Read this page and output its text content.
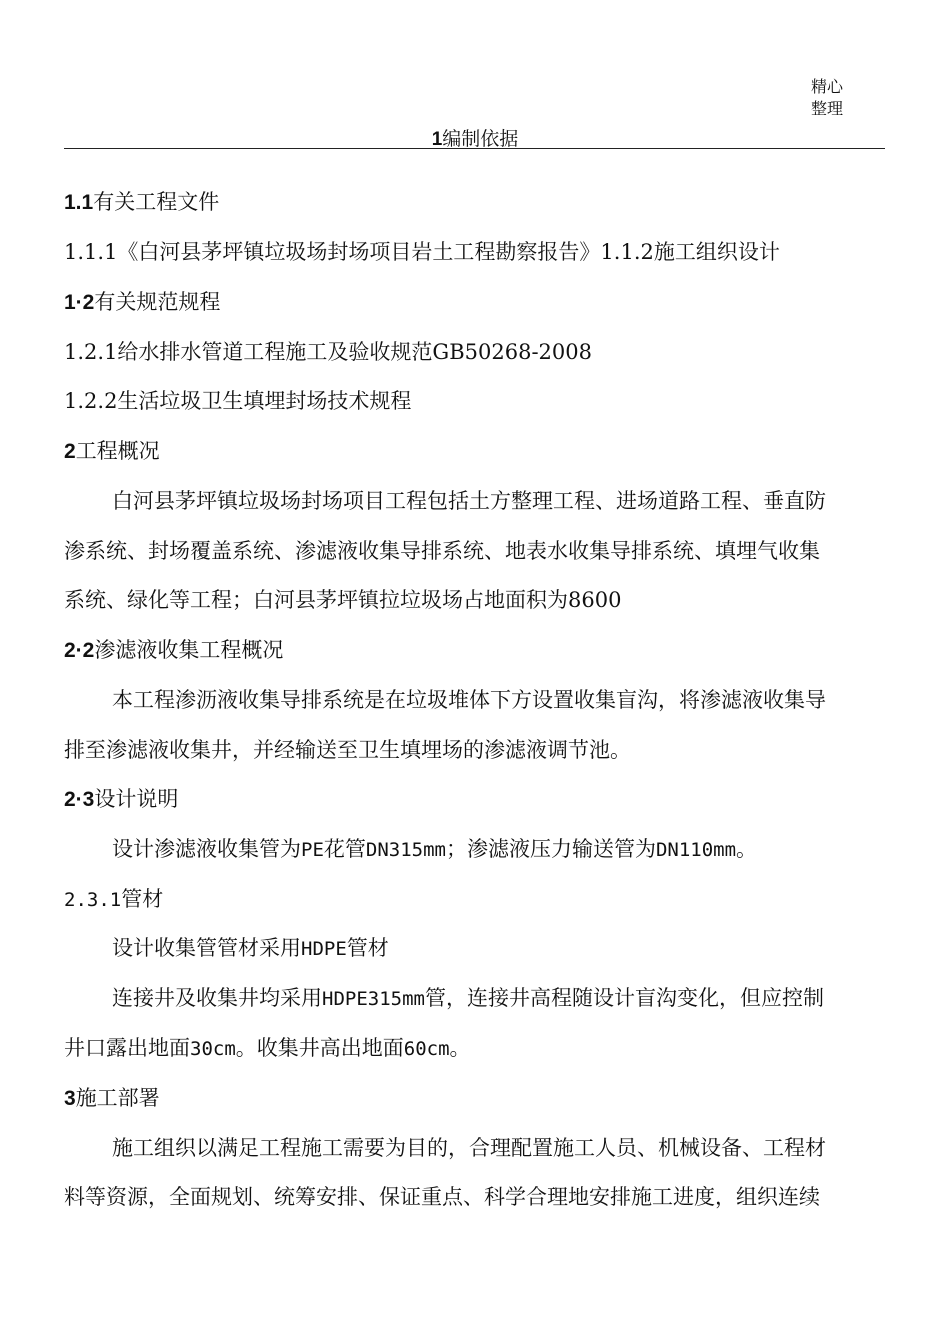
精心
整理
1编制依据
1.1有关工程文件
1.1.1《白河县茅坪镇垃圾场封场项目岩土工程勘察报告》1.1.2施工组织设计
1·2有关规范规程
1.2.1给水排水管道工程施工及验收规范GB50268-2008
1.2.2生活垃圾卫生填埋封场技术规程
2工程概况
白河县茅坪镇垃圾场封场项目工程包括土方整理工程、进场道路工程、垂直防
渗系统、封场覆盖系统、渗滤液收集导排系统、地表水收集导排系统、填埋气收集
系统、绿化等工程；白河县茅坪镇拉垃圾场占地面积为8600
2·2渗滤液收集工程概况
本工程渗沥液收集导排系统是在垃圾堆体下方设置收集盲沟，将渗滤液收集导
排至渗滤液收集井，并经输送至卫生填埋场的渗滤液调节池。
2·3设计说明
设计渗滤液收集管为PE花管DN315mm；渗滤液压力输送管为DN110mm。
2.3.1管材
设计收集管管材采用HDPE管材
连接井及收集井均采用HDPE315mm管，连接井高程随设计盲沟变化，但应控制
井口露出地面30cm。收集井高出地面60cm。
3施工部署
施工组织以满足工程施工需要为目的，合理配置施工人员、机械设备、工程材
料等资源，全面规划、统筹安排、保证重点、科学合理地安排施工进度，组织连续
